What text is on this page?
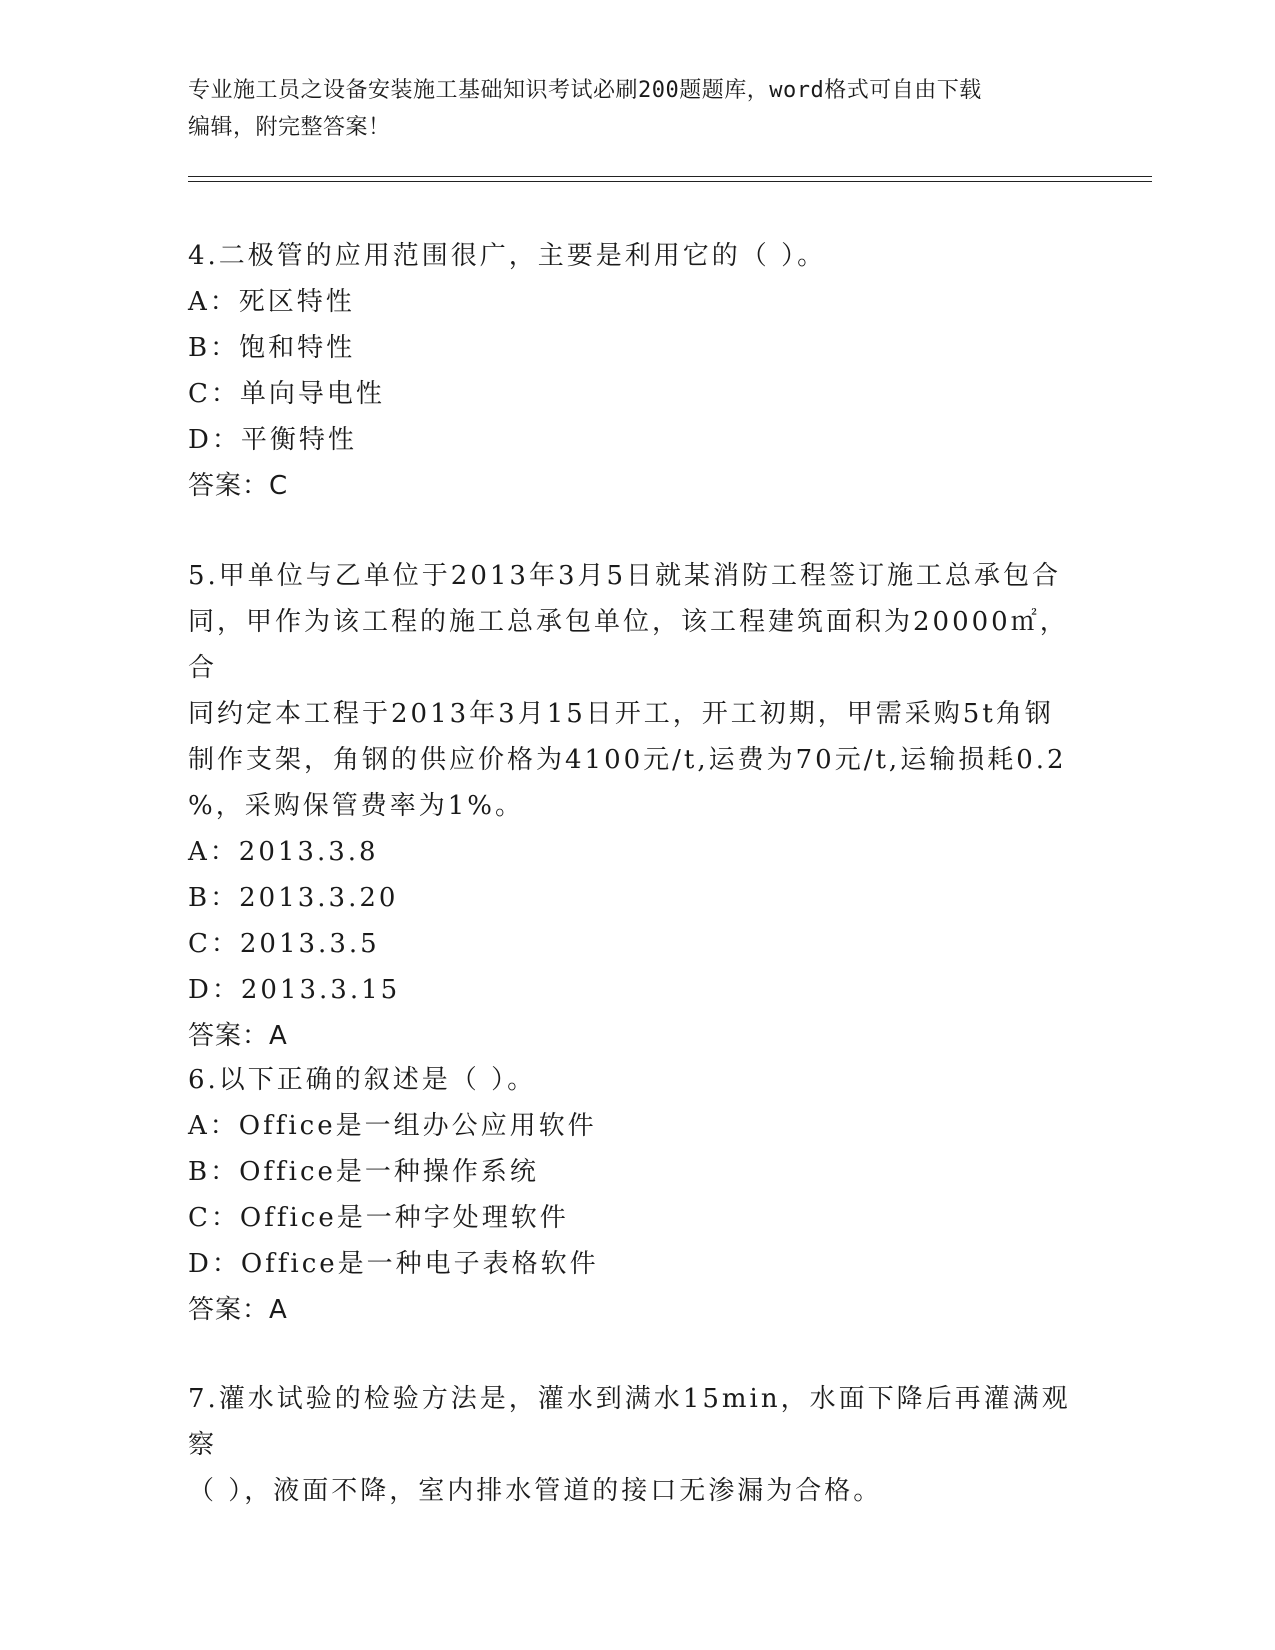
专业施工员之设备安装施工基础知识考试必刷200题题库，word格式可自由下载

编辑，附完整答案！

4.二极管的应用范围很广，主要是利用它的（ ）。

A：死区特性

B：饱和特性

C：单向导电性

D：平衡特性

答案：C

5.甲单位与乙单位于2013年3月5日就某消防工程签订施工总承包合

同，甲作为该工程的施工总承包单位，该工程建筑面积为20000㎡，合

同约定本工程于2013年3月15日开工，开工初期，甲需采购5t角钢

制作支架，角钢的供应价格为4100元/t,运费为70元/t,运输损耗0.2

%，采购保管费率为1%。

A：2013.3.8

B：2013.3.20

C：2013.3.5

D：2013.3.15

答案：A

6.以下正确的叙述是（ ）。

A：Office是一组办公应用软件

B：Office是一种操作系统

C：Office是一种字处理软件

D：Office是一种电子表格软件

答案：A

7.灌水试验的检验方法是，灌水到满水15min，水面下降后再灌满观察

（ ），液面不降，室内排水管道的接口无渗漏为合格。
